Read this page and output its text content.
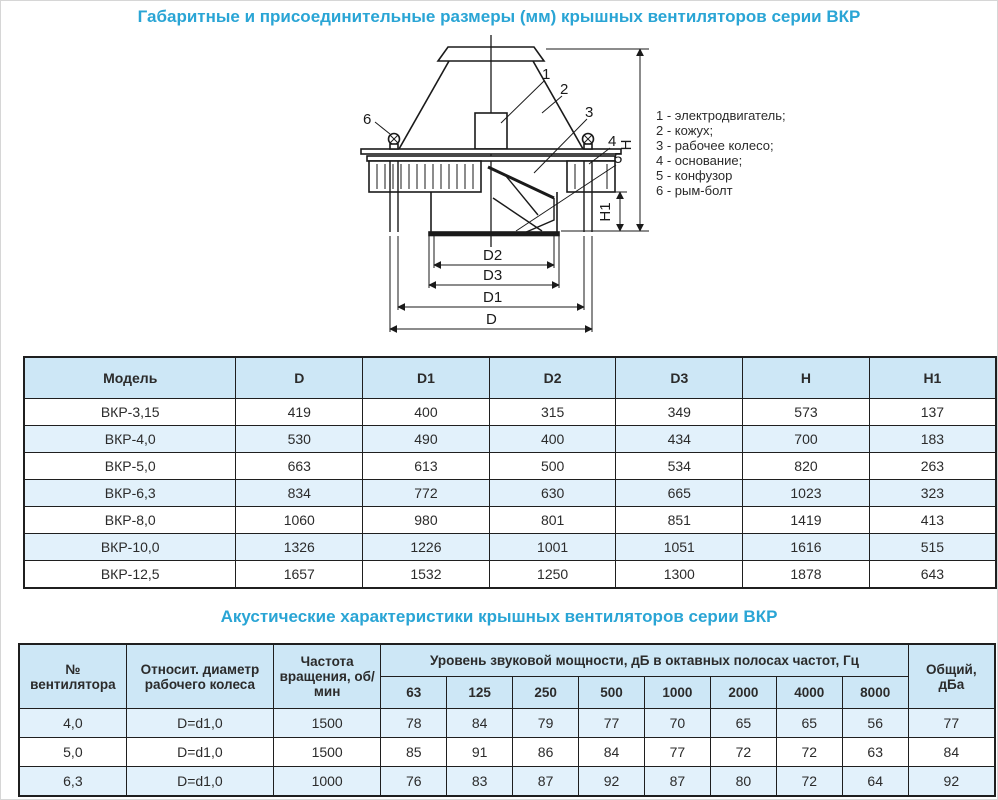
Габаритные и присоединительные размеры (мм) крышных вентиляторов серии ВКР
6
1
2
3
4
5
D2
D3
D1
D
H
H1
1 - электродвигатель;
2 - кожух;
3 - рабочее колесо;
4 - основание;
5 - конфузор
6 - рым-болт
Модель	D	D1	D2	D3	H	H1
ВКР-3,15	419	400	315	349	573	137
ВКР-4,0	530	490	400	434	700	183
ВКР-5,0	663	613	500	534	820	263
ВКР-6,3	834	772	630	665	1023	323
ВКР-8,0	1060	980	801	851	1419	413
ВКР-10,0	1326	1226	1001	1051	1616	515
ВКР-12,5	1657	1532	1250	1300	1878	643
Акустические характеристики крышных вентиляторов серии ВКР
№ вентилятора	Относит. диаметр рабочего колеса	Частота вращения, об/мин	Уровень звуковой мощности, дБ в октавных полосах частот, Гц								Общий, дБа
			63	125	250	500	1000	2000	4000	8000	
4,0	D=d1,0	1500	78	84	79	77	70	65	65	56	77
5,0	D=d1,0	1500	85	91	86	84	77	72	72	63	84
6,3	D=d1,0	1000	76	83	87	92	87	80	72	64	92
